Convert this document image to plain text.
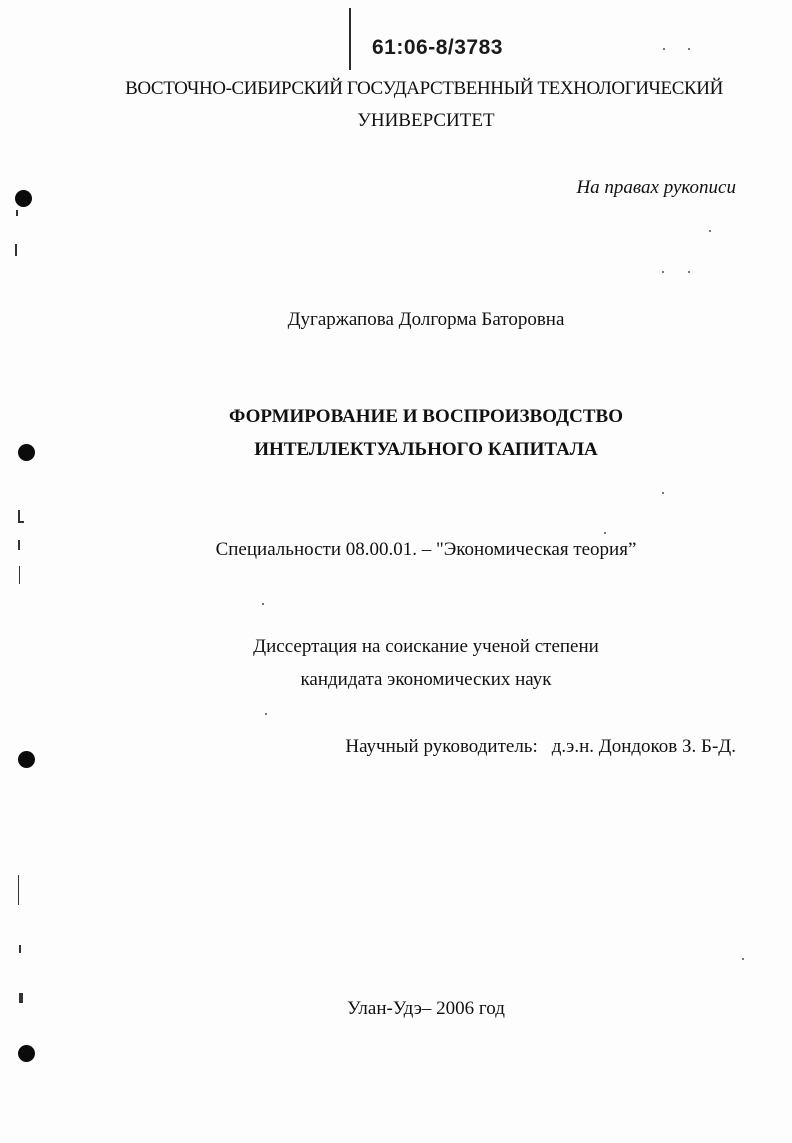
61:06-8/3783
ВОСТОЧНО-СИБИРСКИЙ ГОСУДАРСТВЕННЫЙ ТЕХНОЛОГИЧЕСКИЙ
УНИВЕРСИТЕТ
На правах рукописи
Дугаржапова Долгорма Баторовна
ФОРМИРОВАНИЕ И ВОСПРОИЗВОДСТВО
ИНТЕЛЛЕКТУАЛЬНОГО КАПИТАЛА
Специальности 08.00.01. – "Экономическая теория”
Диссертация на соискание ученой степени
кандидата экономических наук
Научный руководитель: д.э.н. Дондоков З. Б-Д.
Улан-Удэ– 2006 год
